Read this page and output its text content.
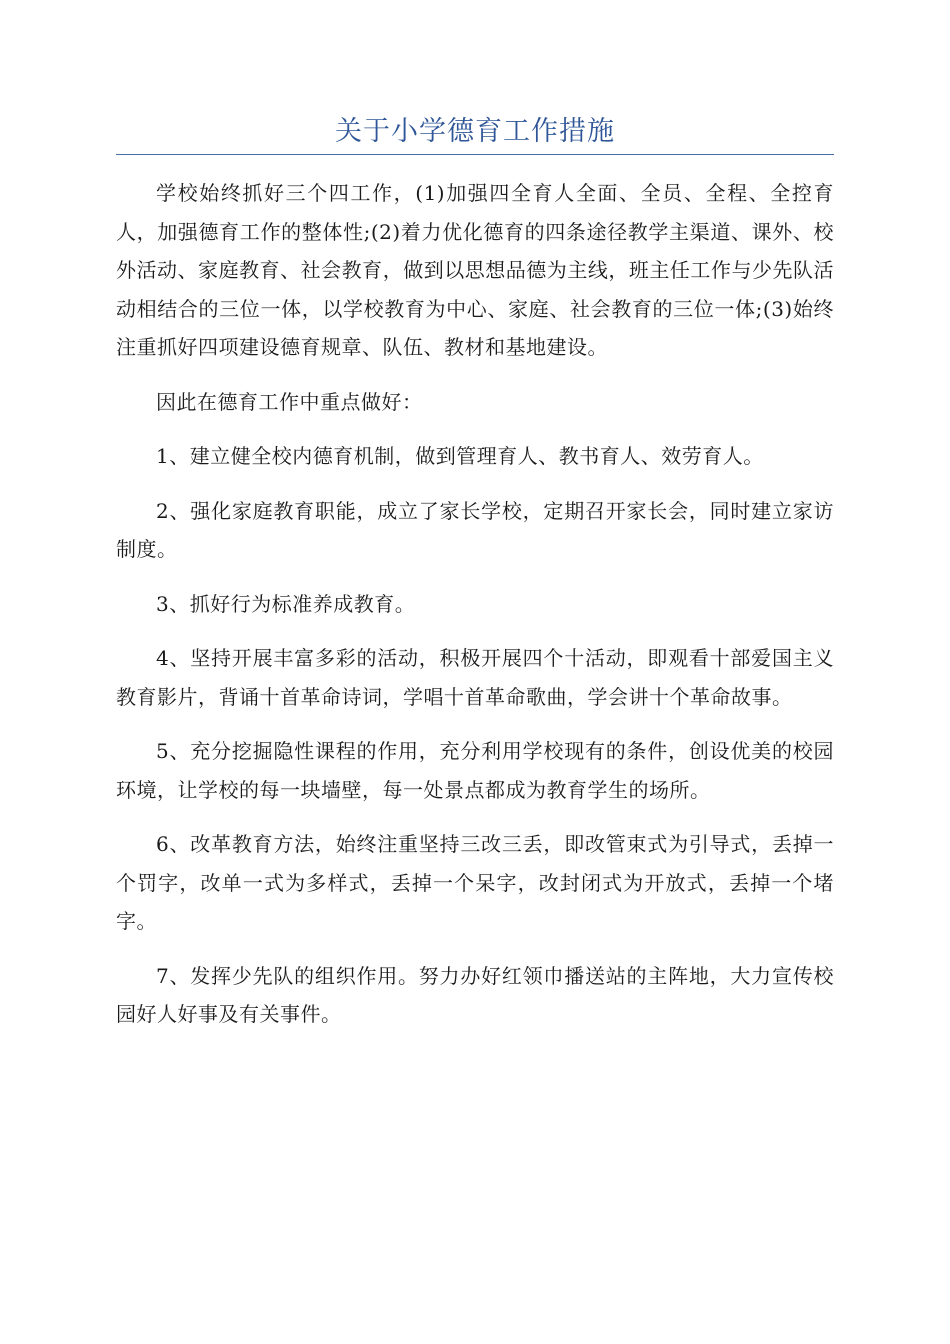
关于小学德育工作措施

学校始终抓好三个四工作，(1)加强四全育人全面、全员、全程、全控育人，加强德育工作的整体性;(2)着力优化德育的四条途径教学主渠道、课外、校外活动、家庭教育、社会教育，做到以思想品德为主线，班主任工作与少先队活动相结合的三位一体，以学校教育为中心、家庭、社会教育的三位一体;(3)始终注重抓好四项建设德育规章、队伍、教材和基地建设。

因此在德育工作中重点做好：

1、建立健全校内德育机制，做到管理育人、教书育人、效劳育人。

2、强化家庭教育职能，成立了家长学校，定期召开家长会，同时建立家访制度。

3、抓好行为标准养成教育。

4、坚持开展丰富多彩的活动，积极开展四个十活动，即观看十部爱国主义教育影片，背诵十首革命诗词，学唱十首革命歌曲，学会讲十个革命故事。

5、充分挖掘隐性课程的作用，充分利用学校现有的条件，创设优美的校园环境，让学校的每一块墙壁，每一处景点都成为教育学生的场所。

6、改革教育方法，始终注重坚持三改三丢，即改管束式为引导式，丢掉一个罚字，改单一式为多样式，丢掉一个呆字，改封闭式为开放式，丢掉一个堵字。

7、发挥少先队的组织作用。努力办好红领巾播送站的主阵地，大力宣传校园好人好事及有关事件。
